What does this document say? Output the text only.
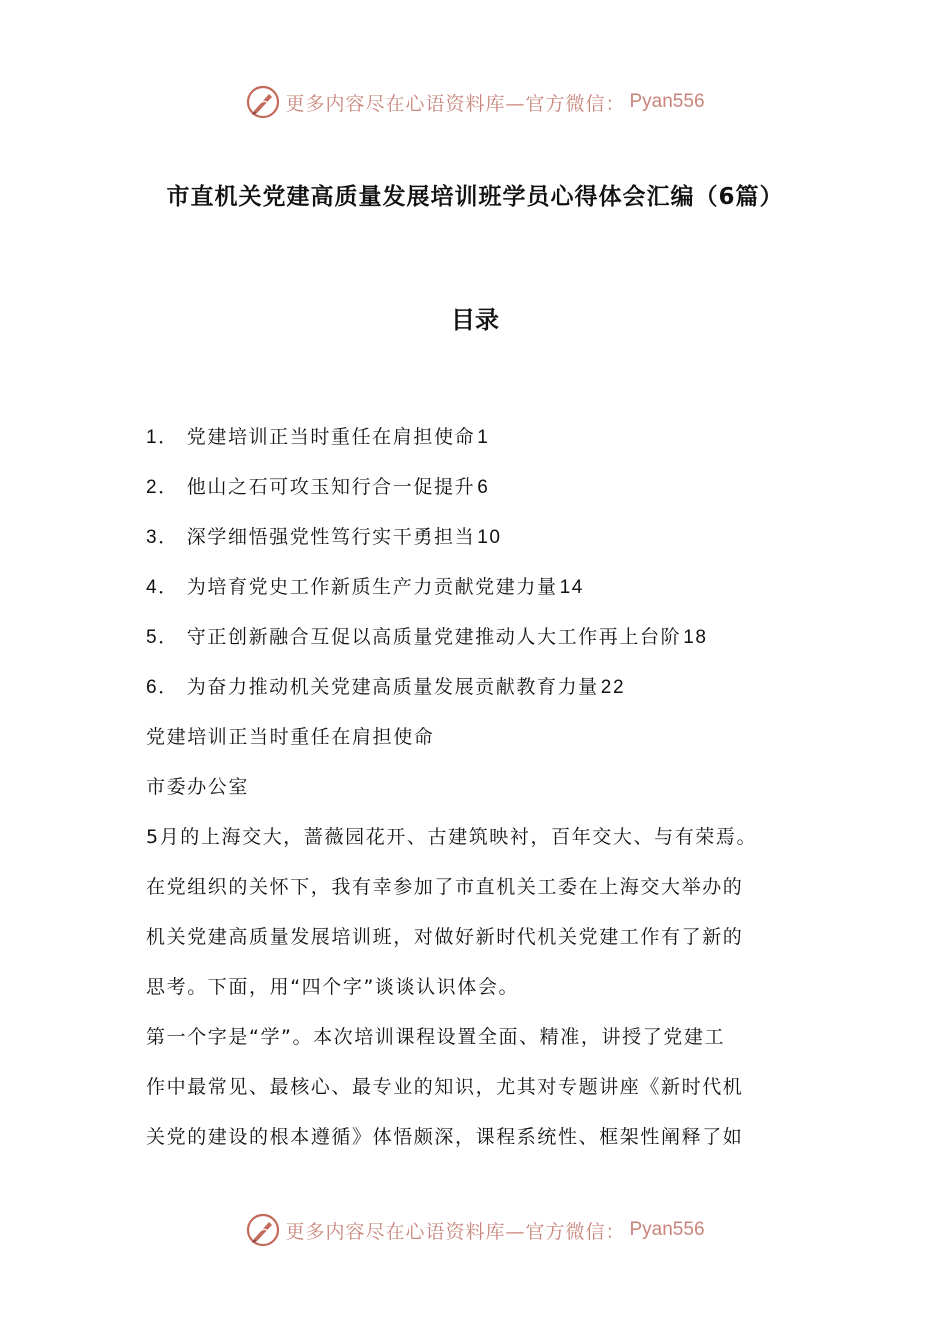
更多内容尽在心语资料库—官方微信： Pyan556
市直机关党建高质量发展培训班学员心得体会汇编（6篇）
目录
1． 党建培训正当时重任在肩担使命 1
2． 他山之石可攻玉知行合一促提升 6
3． 深学细悟强党性笃行实干勇担当 10
4． 为培育党史工作新质生产力贡献党建力量 14
5． 守正创新融合互促以高质量党建推动人大工作再上台阶 18
6． 为奋力推动机关党建高质量发展贡献教育力量 22
党建培训正当时重任在肩担使命
市委办公室
5月的上海交大，蔷薇园花开、古建筑映衬，百年交大、与有荣焉。
在党组织的关怀下，我有幸参加了市直机关工委在上海交大举办的
机关党建高质量发展培训班，对做好新时代机关党建工作有了新的
思考。下面，用“四个字”谈谈认识体会。
第一个字是“学”。本次培训课程设置全面、精准，讲授了党建工
作中最常见、最核心、最专业的知识，尤其对专题讲座《新时代机
关党的建设的根本遵循》体悟颇深，课程系统性、框架性阐释了如
更多内容尽在心语资料库—官方微信： Pyan556
